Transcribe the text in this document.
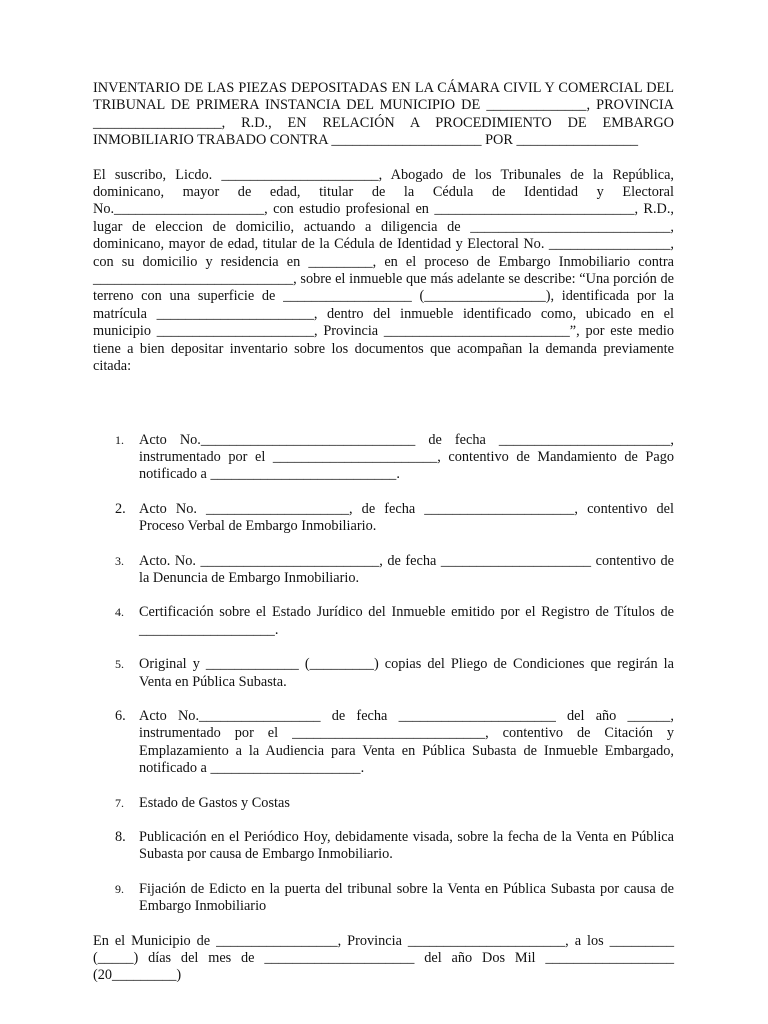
INVENTARIO DE LAS PIEZAS DEPOSITADAS EN LA CÁMARA CIVIL Y COMERCIAL DEL TRIBUNAL DE PRIMERA INSTANCIA DEL MUNICIPIO DE ______________, PROVINCIA __________________, R.D., EN RELACIÓN A PROCEDIMIENTO DE EMBARGO INMOBILIARIO TRABADO CONTRA _____________________ POR _________________

El suscribo, Licdo. ______________________, Abogado de los Tribunales de la República, dominicano, mayor de edad, titular de la Cédula de Identidad y Electoral No._____________________, con estudio profesional en ____________________________, R.D., lugar de eleccion de domicilio, actuando a diligencia de ____________________________, dominicano, mayor de edad, titular de la Cédula de Identidad y Electoral No. _________________, con su domicilio y residencia en _________, en el proceso de Embargo Inmobiliario contra ____________________________, sobre el inmueble que más adelante se describe: “Una porción de terreno con una superficie de __________________ (_________________), identificada por la matrícula ______________________, dentro del inmueble identificado como, ubicado en el municipio ______________________, Provincia __________________________”, por este medio tiene a bien depositar inventario sobre los documentos que acompañan la demanda previamente citada:

1.	Acto No.______________________________ de fecha ________________________, instrumentado por el _______________________, contentivo de Mandamiento de Pago notificado a __________________________.
2. Acto No. ____________________, de fecha _____________________, contentivo del Proceso Verbal de Embargo Inmobiliario.
3.	Acto. No. _________________________, de fecha _____________________ contentivo de la Denuncia de Embargo Inmobiliario.
4.	Certificación sobre el Estado Jurídico del Inmueble emitido por el Registro de Títulos de ___________________.
5.	Original y _____________ (_________) copias del Pliego de Condiciones que regirán la Venta en Pública Subasta.
6. Acto No._________________ de fecha ______________________ del año ______, instrumentado por el ___________________________, contentivo de Citación y Emplazamiento a la Audiencia para Venta en Pública Subasta de Inmueble Embargado, notificado a _____________________.
7.	Estado de Gastos y Costas
8. Publicación en el Periódico Hoy, debidamente visada, sobre la fecha de la Venta en Pública Subasta por causa de Embargo Inmobiliario.
9.	Fijación de Edicto en la puerta del tribunal sobre la Venta en Pública Subasta por causa de Embargo Inmobiliario

En el Municipio de _________________, Provincia ______________________, a los _________ (_____) días del mes de _____________________ del año Dos Mil __________________ (20_________)
